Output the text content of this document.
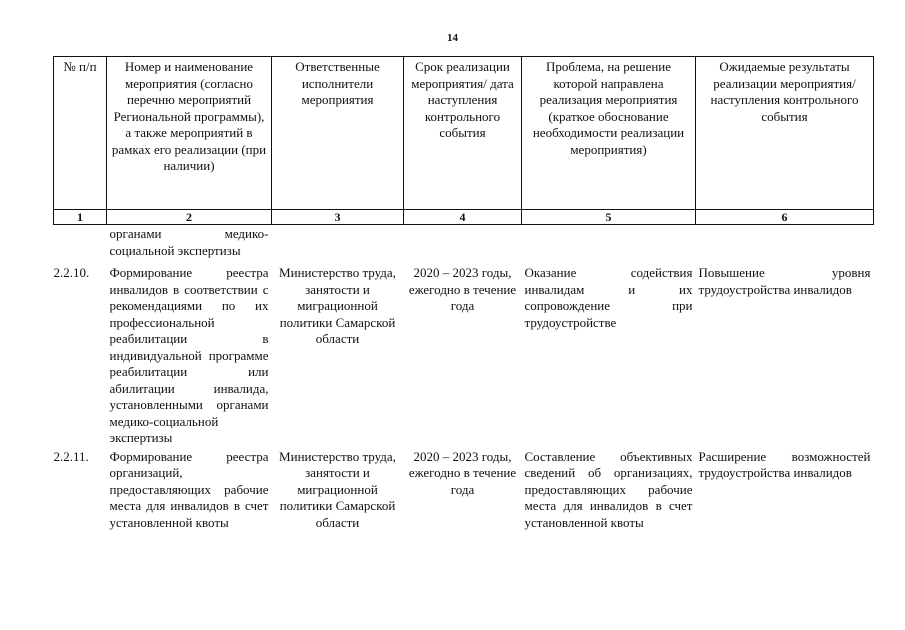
14
№ п/п	Номер и наименование мероприятия (согласно перечню мероприятий Региональной программы), а также мероприятий в рамках его реализации (при наличии)	Ответственные исполнители мероприятия	Срок реализации мероприятия/ дата наступления контрольного события	Проблема, на решение которой направлена реализация мероприятия (краткое обоснование необходимости реализации мероприятия)	Ожидаемые результаты реализации мероприятия/ наступления контрольного события
1	2	3	4	5	6
	органами медико-социальной экспертизы				
2.2.10.	Формирование реестра инвалидов в соответствии с рекомендациями по их профессиональной реабилитации в индивидуальной программе реабилитации или абилитации инвалида, установленными органами медико-социальной экспертизы	Министерство труда, занятости и миграционной политики Самарской области	2020 – 2023 годы, ежегодно в течение года	Оказание содействия инвалидам и их сопровождение при трудоустройстве	Повышение уровня трудоустройства инвалидов
2.2.11.	Формирование реестра организаций, предоставляющих рабочие места для инвалидов в счет установленной квоты	Министерство труда, занятости и миграционной политики Самарской области	2020 – 2023 годы, ежегодно в течение года	Составление объективных сведений об организациях, предоставляющих рабочие места для инвалидов в счет установленной квоты	Расширение возможностей трудоустройства инвалидов
